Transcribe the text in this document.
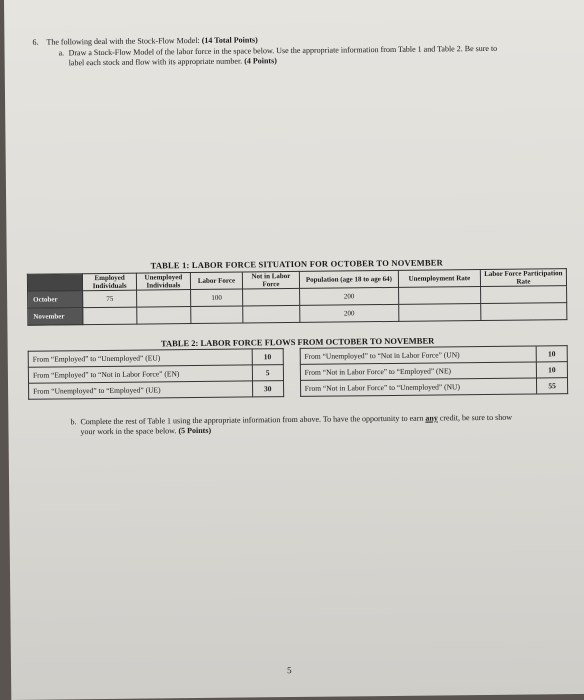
6. The following deal with the Stock-Flow Model: (14 Total Points)
a. Draw a Stock-Flow Model of the labor force in the space below. Use the appropriate information from Table 1 and Table 2. Be sure to label each stock and flow with its appropriate number. (4 Points)
TABLE 1: LABOR FORCE SITUATION FOR OCTOBER TO NOVEMBER
	Employed Individuals	Unemployed Individuals	Labor Force	Not in Labor Force	Population (age 18 to age 64)	Unemployment Rate	Labor Force Participation Rate
October	75		100		200		
November					200		
TABLE 2: LABOR FORCE FLOWS FROM OCTOBER TO NOVEMBER
From “Employed” to “Unemployed” (EU)	10		From “Unemployed” to “Not in Labor Force” (UN)	10
From “Employed” to “Not in Labor Force” (EN)	5		From “Not in Labor Force” to “Employed” (NE)	10
From “Unemployed” to “Employed” (UE)	30		From “Not in Labor Force” to “Unemployed” (NU)	55
b. Complete the rest of Table 1 using the appropriate information from above. To have the opportunity to earn any credit, be sure to show your work in the space below. (5 Points)
5
